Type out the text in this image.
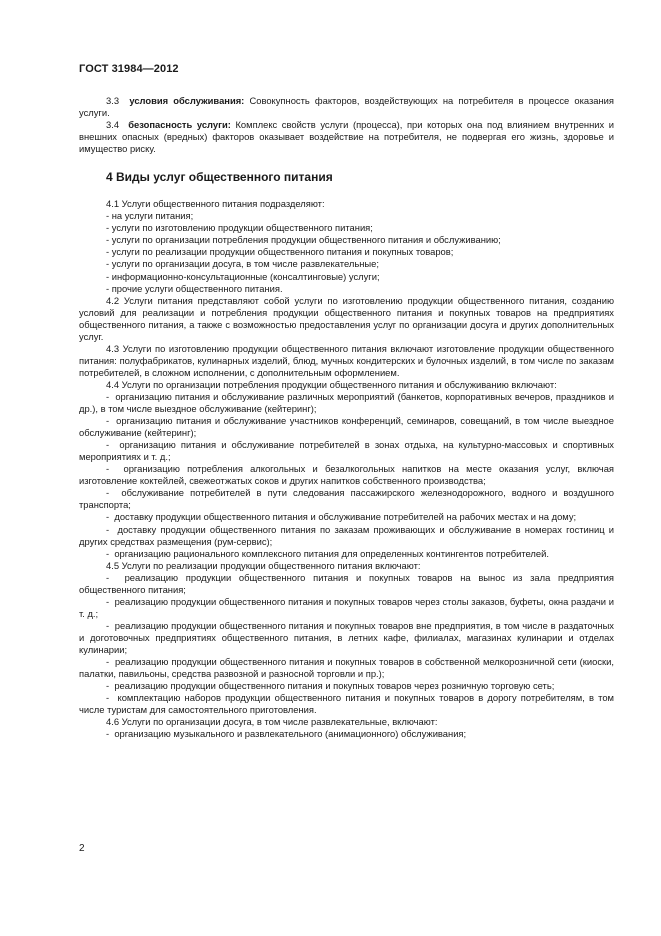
ГОСТ 31984—2012

3.3 условия обслуживания: Совокупность факторов, воздействующих на потребителя в процессе оказания услуги.

3.4 безопасность услуги: Комплекс свойств услуги (процесса), при которых она под влиянием внутренних и внешних опасных (вредных) факторов оказывает воздействие на потребителя, не подвергая его жизнь, здоровье и имущество риску.

4 Виды услуг общественного питания

4.1 Услуги общественного питания подразделяют:

- на услуги питания;

- услуги по изготовлению продукции общественного питания;

- услуги по организации потребления продукции общественного питания и обслуживанию;

- услуги по реализации продукции общественного питания и покупных товаров;

- услуги по организации досуга, в том числе развлекательные;

- информационно-консультационные (консалтинговые) услуги;

- прочие услуги общественного питания.

4.2 Услуги питания представляют собой услуги по изготовлению продукции общественного питания, созданию условий для реализации и потребления продукции общественного питания и покупных товаров на предприятиях общественного питания, а также с возможностью предоставления услуг по организации досуга и других дополнительных услуг.

4.3 Услуги по изготовлению продукции общественного питания включают изготовление продукции общественного питания: полуфабрикатов, кулинарных изделий, блюд, мучных кондитерских и булочных изделий, в том числе по заказам потребителей, в сложном исполнении, с дополнительным оформлением.

4.4 Услуги по организации потребления продукции общественного питания и обслуживанию включают:

-  организацию питания и обслуживание различных мероприятий (банкетов, корпоративных вечеров, праздников и др.), в том числе выездное обслуживание (кейтеринг);

-  организацию питания и обслуживание участников конференций, семинаров, совещаний, в том числе выездное обслуживание (кейтеринг);

-  организацию питания и обслуживание потребителей в зонах отдыха, на культурно-массовых и спортивных мероприятиях и т. д.;

-  организацию потребления алкогольных и безалкогольных напитков на месте оказания услуг, включая изготовление коктейлей, свежеотжатых соков и других напитков собственного производства;

-  обслуживание потребителей в пути следования пассажирского железнодорожного, водного и воздушного транспорта;

-  доставку продукции общественного питания и обслуживание потребителей на рабочих местах и на дому;

-  доставку продукции общественного питания по заказам проживающих и обслуживание в номерах гостиниц и других средствах размещения (рум-сервис);

-  организацию рационального комплексного питания для определенных контингентов потребителей.

4.5 Услуги по реализации продукции общественного питания включают:

-  реализацию продукции общественного питания и покупных товаров на вынос из зала предприятия общественного питания;

-  реализацию продукции общественного питания и покупных товаров через столы заказов, буфеты, окна раздачи и т. д.;

-  реализацию продукции общественного питания и покупных товаров вне предприятия, в том числе в раздаточных и доготовочных предприятиях общественного питания, в летних кафе, филиалах, магазинах кулинарии и отделах кулинарии;

-  реализацию продукции общественного питания и покупных товаров в собственной мелкорозничной сети (киоски, палатки, павильоны, средства развозной и разносной торговли и пр.);

-  реализацию продукции общественного питания и покупных товаров через розничную торговую сеть;

-  комплектацию наборов продукции общественного питания и покупных товаров в дорогу потребителям, в том числе туристам для самостоятельного приготовления.

4.6 Услуги по организации досуга, в том числе развлекательные, включают:

-  организацию музыкального и развлекательного (анимационного) обслуживания;

2
